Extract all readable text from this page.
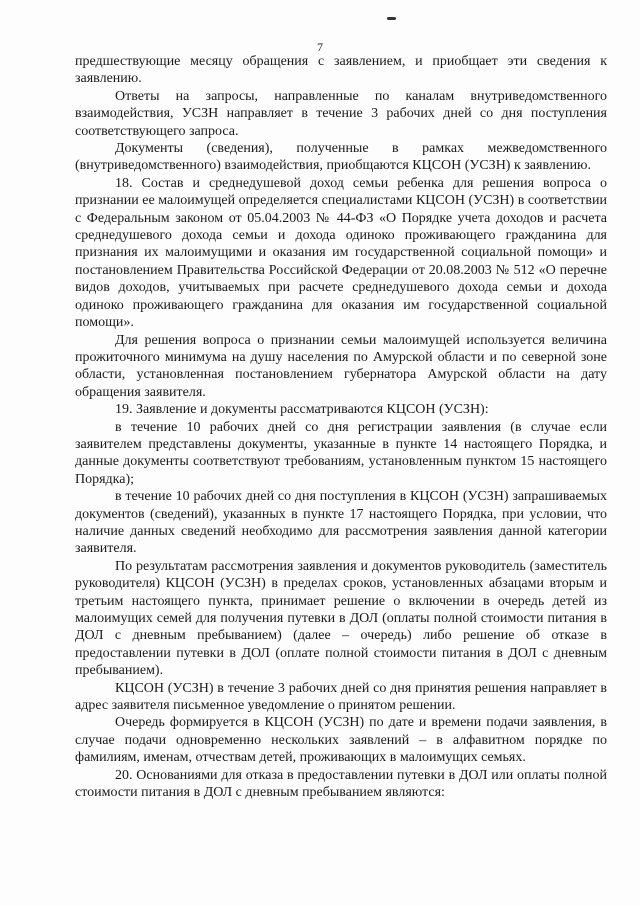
7

предшествующие месяцу обращения с заявлением, и приобщает эти сведения к заявлению.

Ответы на запросы, направленные по каналам внутриведомственного взаимодействия, УСЗН направляет в течение 3 рабочих дней со дня поступления соответствующего запроса.

Документы (сведения), полученные в рамках межведомственного (внутриведомственного) взаимодействия, приобщаются КЦСОН (УСЗН) к заявлению.

18. Состав и среднедушевой доход семьи ребенка для решения вопроса о признании ее малоимущей определяется специалистами КЦСОН (УСЗН) в соответствии с Федеральным законом от 05.04.2003 № 44-ФЗ «О Порядке учета доходов и расчета среднедушевого дохода семьи и дохода одиноко проживающего гражданина для признания их малоимущими и оказания им государственной социальной помощи» и постановлением Правительства Российской Федерации от 20.08.2003 № 512 «О перечне видов доходов, учитываемых при расчете среднедушевого дохода семьи и дохода одиноко проживающего гражданина для оказания им государственной социальной помощи».

Для решения вопроса о признании семьи малоимущей используется величина прожиточного минимума на душу населения по Амурской области и по северной зоне области, установленная постановлением губернатора Амурской области на дату обращения заявителя.

19. Заявление и документы рассматриваются КЦСОН (УСЗН):

в течение 10 рабочих дней со дня регистрации заявления (в случае если заявителем представлены документы, указанные в пункте 14 настоящего Порядка, и данные документы соответствуют требованиям, установленным пунктом 15 настоящего Порядка);

в течение 10 рабочих дней со дня поступления в КЦСОН (УСЗН) запрашиваемых документов (сведений), указанных в пункте 17 настоящего Порядка, при условии, что наличие данных сведений необходимо для рассмотрения заявления данной категории заявителя.

По результатам рассмотрения заявления и документов руководитель (заместитель руководителя) КЦСОН (УСЗН) в пределах сроков, установленных абзацами вторым и третьим настоящего пункта, принимает решение о включении в очередь детей из малоимущих семей для получения путевки в ДОЛ (оплаты полной стоимости питания в ДОЛ с дневным пребыванием) (далее – очередь) либо решение об отказе в предоставлении путевки в ДОЛ (оплате полной стоимости питания в ДОЛ с дневным пребыванием).

КЦСОН (УСЗН) в течение 3 рабочих дней со дня принятия решения направляет в адрес заявителя письменное уведомление о принятом решении.

Очередь формируется в КЦСОН (УСЗН) по дате и времени подачи заявления, в случае подачи одновременно нескольких заявлений – в алфавитном порядке по фамилиям, именам, отчествам детей, проживающих в малоимущих семьях.

20. Основаниями для отказа в предоставлении путевки в ДОЛ или оплаты полной стоимости питания в ДОЛ с дневным пребыванием являются:
